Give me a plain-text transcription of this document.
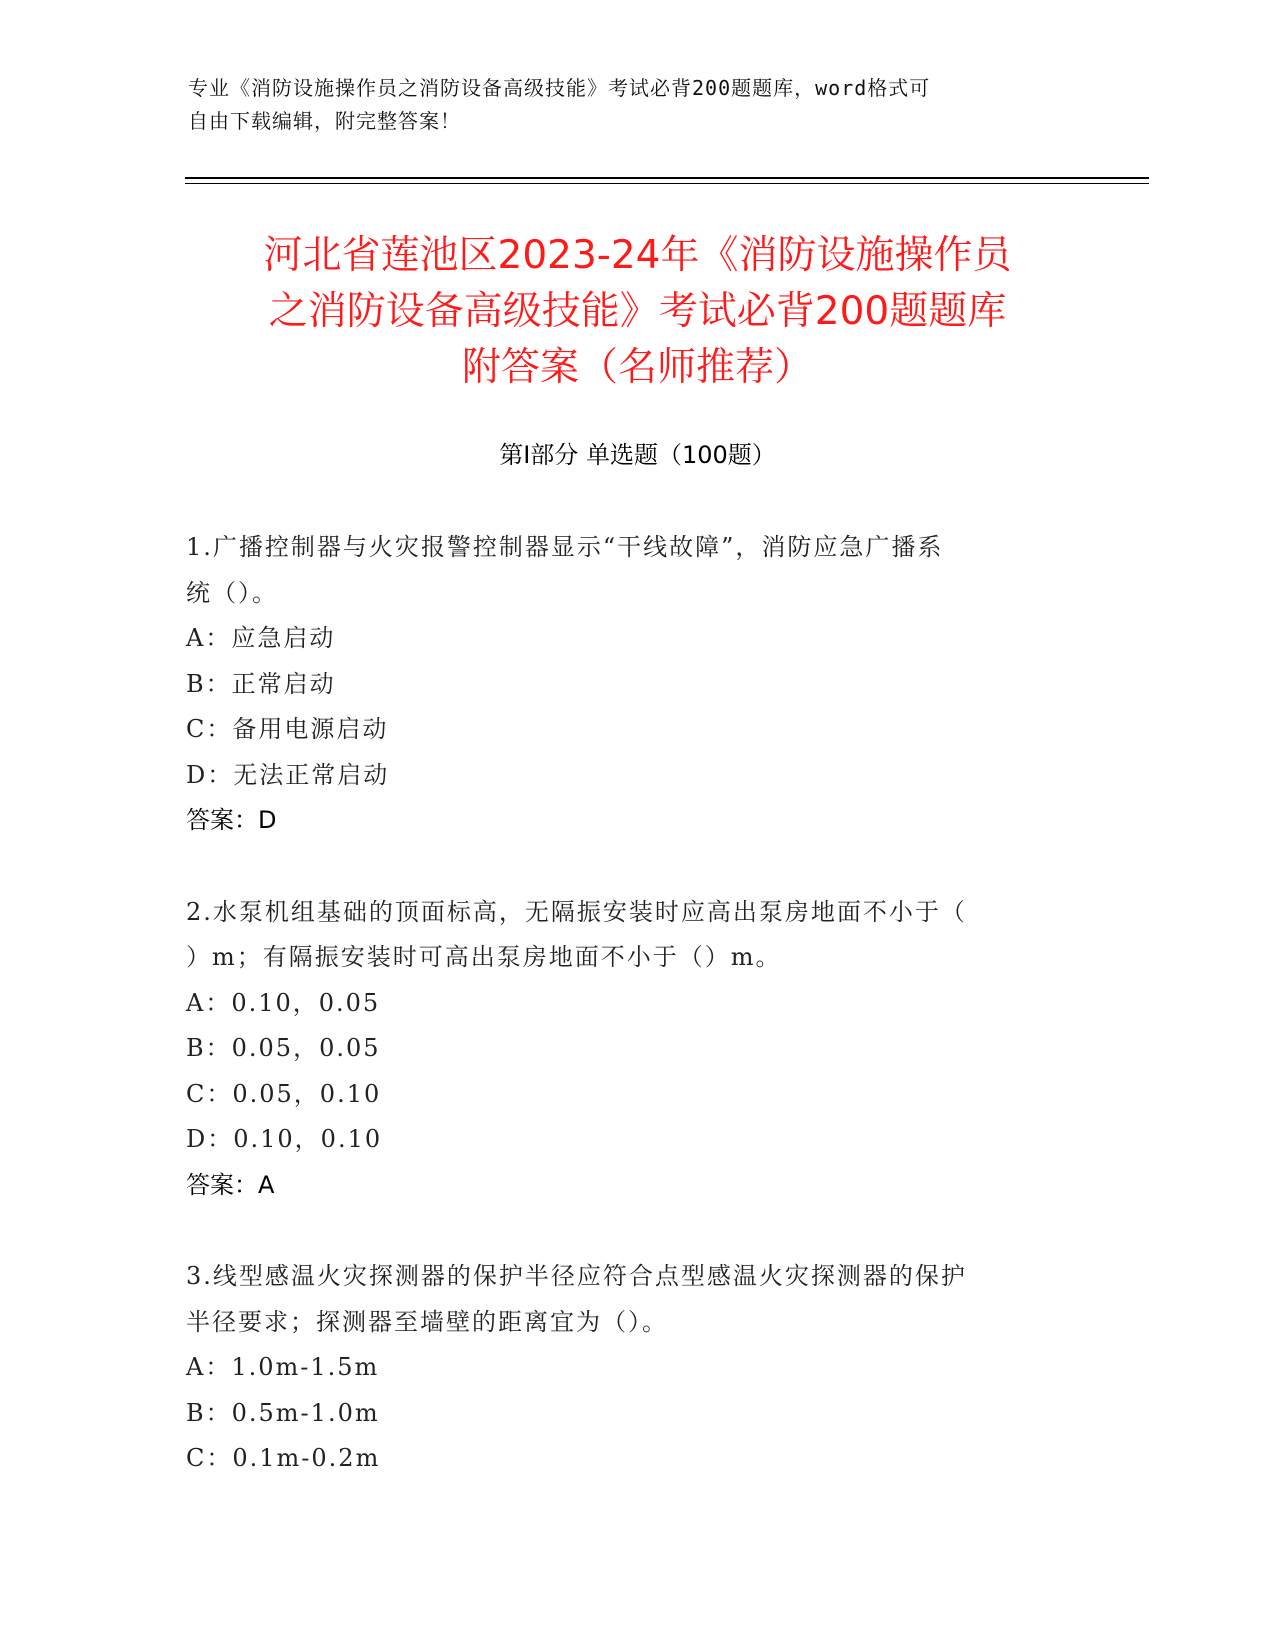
专业《消防设施操作员之消防设备高级技能》考试必背200题题库，word格式可
自由下载编辑，附完整答案！
河北省莲池区2023-24年《消防设施操作员
之消防设备高级技能》考试必背200题题库
附答案（名师推荐）
第Ⅰ部分 单选题（100题）
1.广播控制器与火灾报警控制器显示“干线故障”，消防应急广播系
统（）。
A：应急启动
B：正常启动
C：备用电源启动
D：无法正常启动
答案：D
2.水泵机组基础的顶面标高，无隔振安装时应高出泵房地面不小于（
）m；有隔振安装时可高出泵房地面不小于（）m。
A：0.10，0.05
B：0.05，0.05
C：0.05，0.10
D：0.10，0.10
答案：A
3.线型感温火灾探测器的保护半径应符合点型感温火灾探测器的保护
半径要求；探测器至墙壁的距离宜为（）。
A：1.0m-1.5m
B：0.5m-1.0m
C：0.1m-0.2m
